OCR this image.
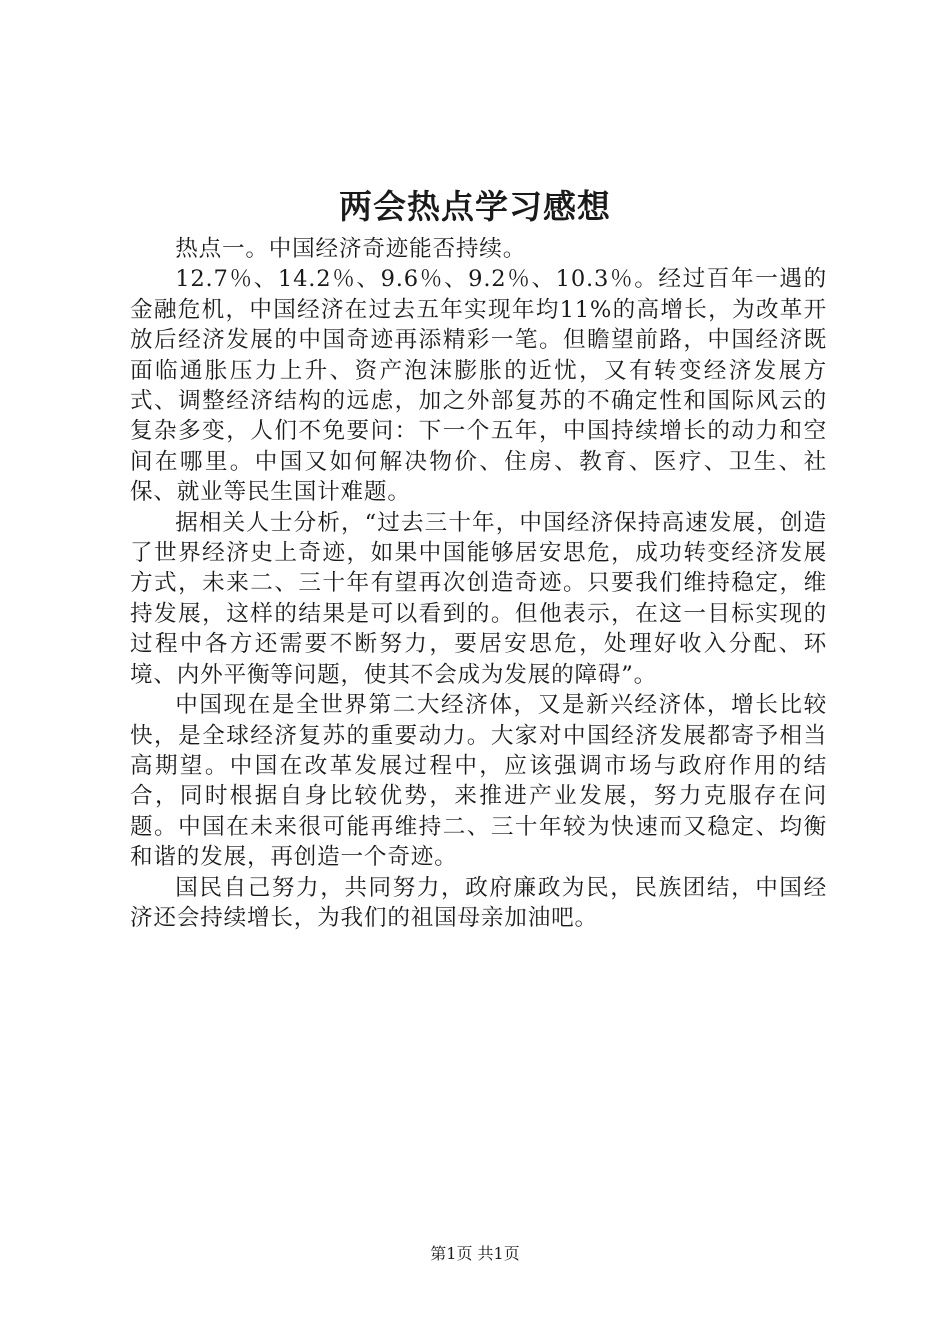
两会热点学习感想

热点一。中国经济奇迹能否持续。

12.7％、14.2％、9.6％、9.2％、10.3％。经过百年一遇的金融危机，中国经济在过去五年实现年均11%的高增长，为改革开放后经济发展的中国奇迹再添精彩一笔。但瞻望前路，中国经济既面临通胀压力上升、资产泡沫膨胀的近忧，又有转变经济发展方式、调整经济结构的远虑，加之外部复苏的不确定性和国际风云的复杂多变，人们不免要问：下一个五年，中国持续增长的动力和空间在哪里。中国又如何解决物价、住房、教育、医疗、卫生、社保、就业等民生国计难题。

据相关人士分析，“过去三十年，中国经济保持高速发展，创造了世界经济史上奇迹，如果中国能够居安思危，成功转变经济发展方式，未来二、三十年有望再次创造奇迹。只要我们维持稳定，维持发展，这样的结果是可以看到的。但他表示，在这一目标实现的过程中各方还需要不断努力，要居安思危，处理好收入分配、环境、内外平衡等问题，使其不会成为发展的障碍”。

中国现在是全世界第二大经济体，又是新兴经济体，增长比较快，是全球经济复苏的重要动力。大家对中国经济发展都寄予相当高期望。中国在改革发展过程中，应该强调市场与政府作用的结合，同时根据自身比较优势，来推进产业发展，努力克服存在问题。中国在未来很可能再维持二、三十年较为快速而又稳定、均衡和谐的发展，再创造一个奇迹。

国民自己努力，共同努力，政府廉政为民，民族团结，中国经济还会持续增长，为我们的祖国母亲加油吧。

第1页 共1页
